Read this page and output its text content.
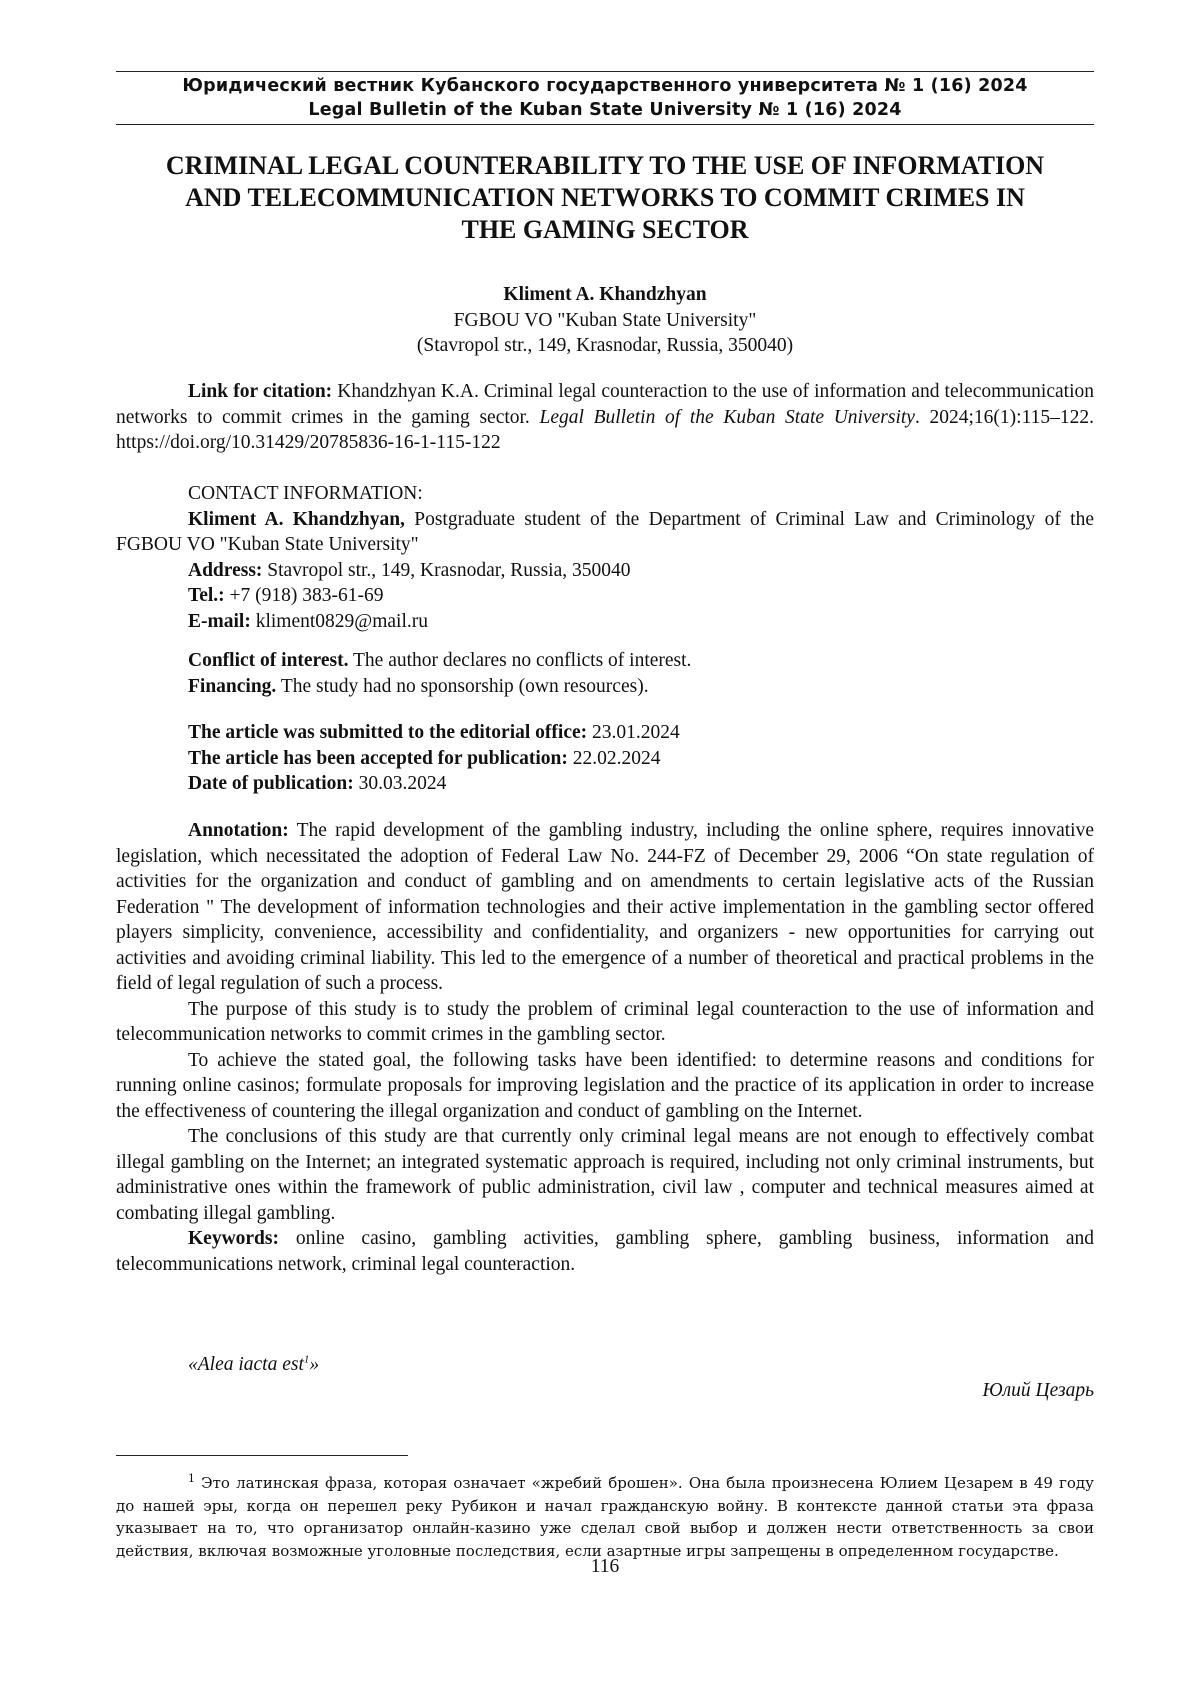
Юридический вестник Кубанского государственного университета № 1 (16) 2024
Legal Bulletin of the Kuban State University № 1 (16) 2024
CRIMINAL LEGAL COUNTERABILITY TO THE USE OF INFORMATION
AND TELECOMMUNICATION NETWORKS TO COMMIT CRIMES IN
THE GAMING SECTOR
Kliment A. Khandzhyan
FGBOU VO "Kuban State University"
(Stavropol str., 149, Krasnodar, Russia, 350040)
Link for citation: Khandzhyan K.A. Criminal legal counteraction to the use of information and telecommunication networks to commit crimes in the gaming sector. Legal Bulletin of the Kuban State University. 2024;16(1):115–122. https://doi.org/10.31429/20785836-16-1-115-122
CONTACT INFORMATION:
Kliment A. Khandzhyan, Postgraduate student of the Department of Criminal Law and Criminology of the FGBOU VO "Kuban State University"
Address: Stavropol str., 149, Krasnodar, Russia, 350040
Tel.: +7 (918) 383-61-69
E-mail: kliment0829@mail.ru
Conflict of interest. The author declares no conflicts of interest.
Financing. The study had no sponsorship (own resources).
The article was submitted to the editorial office: 23.01.2024
The article has been accepted for publication: 22.02.2024
Date of publication: 30.03.2024

Annotation: The rapid development of the gambling industry, including the online sphere, requires innovative legislation, which necessitated the adoption of Federal Law No. 244-FZ of December 29, 2006 “On state regulation of activities for the organization and conduct of gambling and on amendments to certain legislative acts of the Russian Federation " The development of information technologies and their active implementation in the gambling sector offered players simplicity, convenience, accessibility and confidentiality, and organizers - new opportunities for carrying out activities and avoiding criminal liability. This led to the emergence of a number of theoretical and practical problems in the field of legal regulation of such a process.

The purpose of this study is to study the problem of criminal legal counteraction to the use of information and telecommunication networks to commit crimes in the gambling sector.

To achieve the stated goal, the following tasks have been identified: to determine reasons and conditions for running online casinos; formulate proposals for improving legislation and the practice of its application in order to increase the effectiveness of countering the illegal organization and conduct of gambling on the Internet.

The conclusions of this study are that currently only criminal legal means are not enough to effectively combat illegal gambling on the Internet; an integrated systematic approach is required, including not only criminal instruments, but administrative ones within the framework of public administration, civil law , computer and technical measures aimed at combating illegal gambling.

Keywords: online casino, gambling activities, gambling sphere, gambling business, information and telecommunications network, criminal legal counteraction.

«Alea iacta est$^1$»
Юлий Цезарь
$^1$ Это латинская фраза, которая означает «жребий брошен». Она была произнесена Юлием Цезарем в 49 году до нашей эры, когда он перешел реку Рубикон и начал гражданскую войну. В контексте данной статьи эта фраза указывает на то, что организатор онлайн-казино уже сделал свой выбор и должен нести ответственность за свои действия, включая возможные уголовные последствия, если азартные игры запрещены в определенном государстве.
116
